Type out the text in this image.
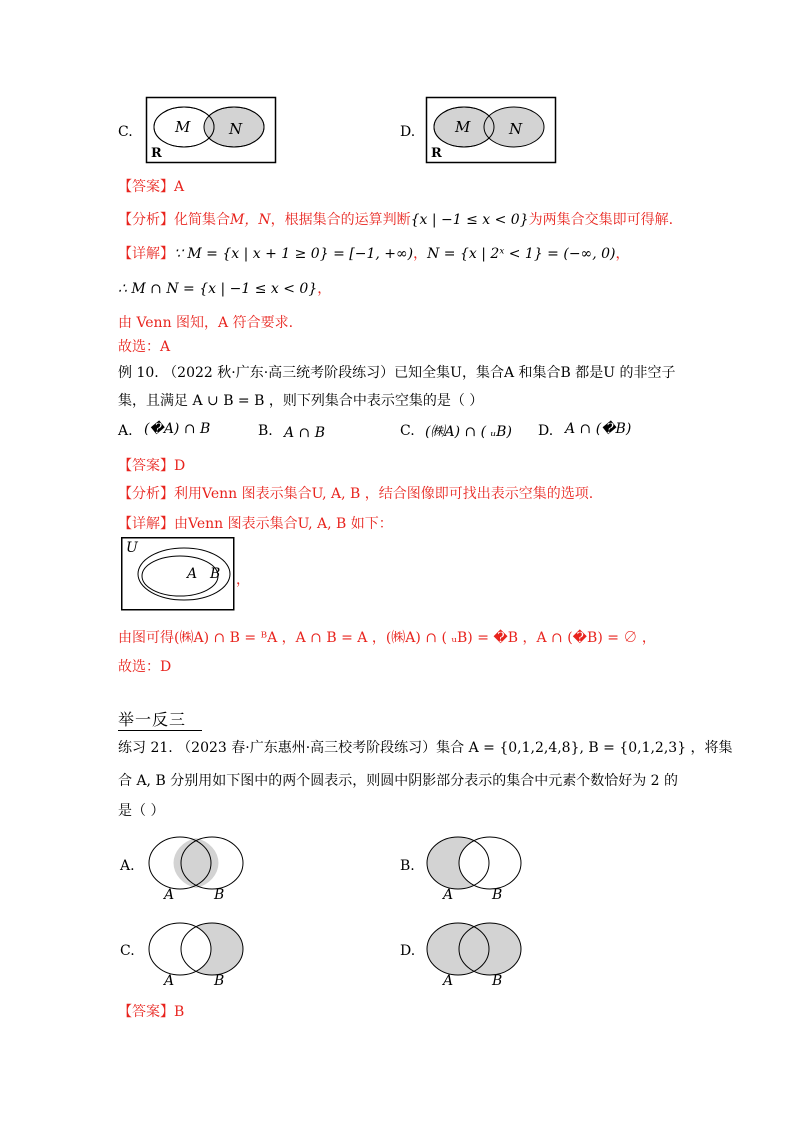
C.	M	N
R
D.	M	N
R
【答案】A
【分析】化简集合M，N，根据集合的运算判断{x | −1 ≤ x < 0}为两集合交集即可得解.
【详解】∵ M = {x | x + 1 ≥ 0} = [−1, +∞)，N = {x | 2ˣ < 1} = (−∞, 0)，
∴ M ∩ N = {x | −1 ≤ x < 0}，
由 Venn 图知，A 符合要求.
故选：A
例 10. （2022 秋·广东·高三统考阶段练习）已知全集U，集合A 和集合B 都是U 的非空子
集，且满足 A ∪ B = B ，则下列集合中表示空集的是（ ）
A. (�A) ∩ B	B. A ∩ B	C. (㈱A) ∩ ( ᵤB) D. A ∩ (�B)
【答案】D
【分析】利用Venn 图表示集合U, A, B ，结合图像即可找出表示空集的选项.
【详解】由Venn 图表示集合U, A, B 如下：
U
A B ，
由图可得(㈱A) ∩ B = ᴮA ，A ∩ B = A ，(㈱A) ∩ ( ᵤB) = �B ，A ∩ (�B) = ∅ ，
故选：D
举一反三
练习 21. （2023 春·广东惠州·高三校考阶段练习）集合 A = {0,1,2,4,8}, B = {0,1,2,3} ，将集
合 A, B 分别用如下图中的两个圆表示，则圆中阴影部分表示的集合中元素个数恰好为 2 的
是（ ）
A.
A	B
B.
A	B
C.
A	B
D.
A	B
【答案】B
